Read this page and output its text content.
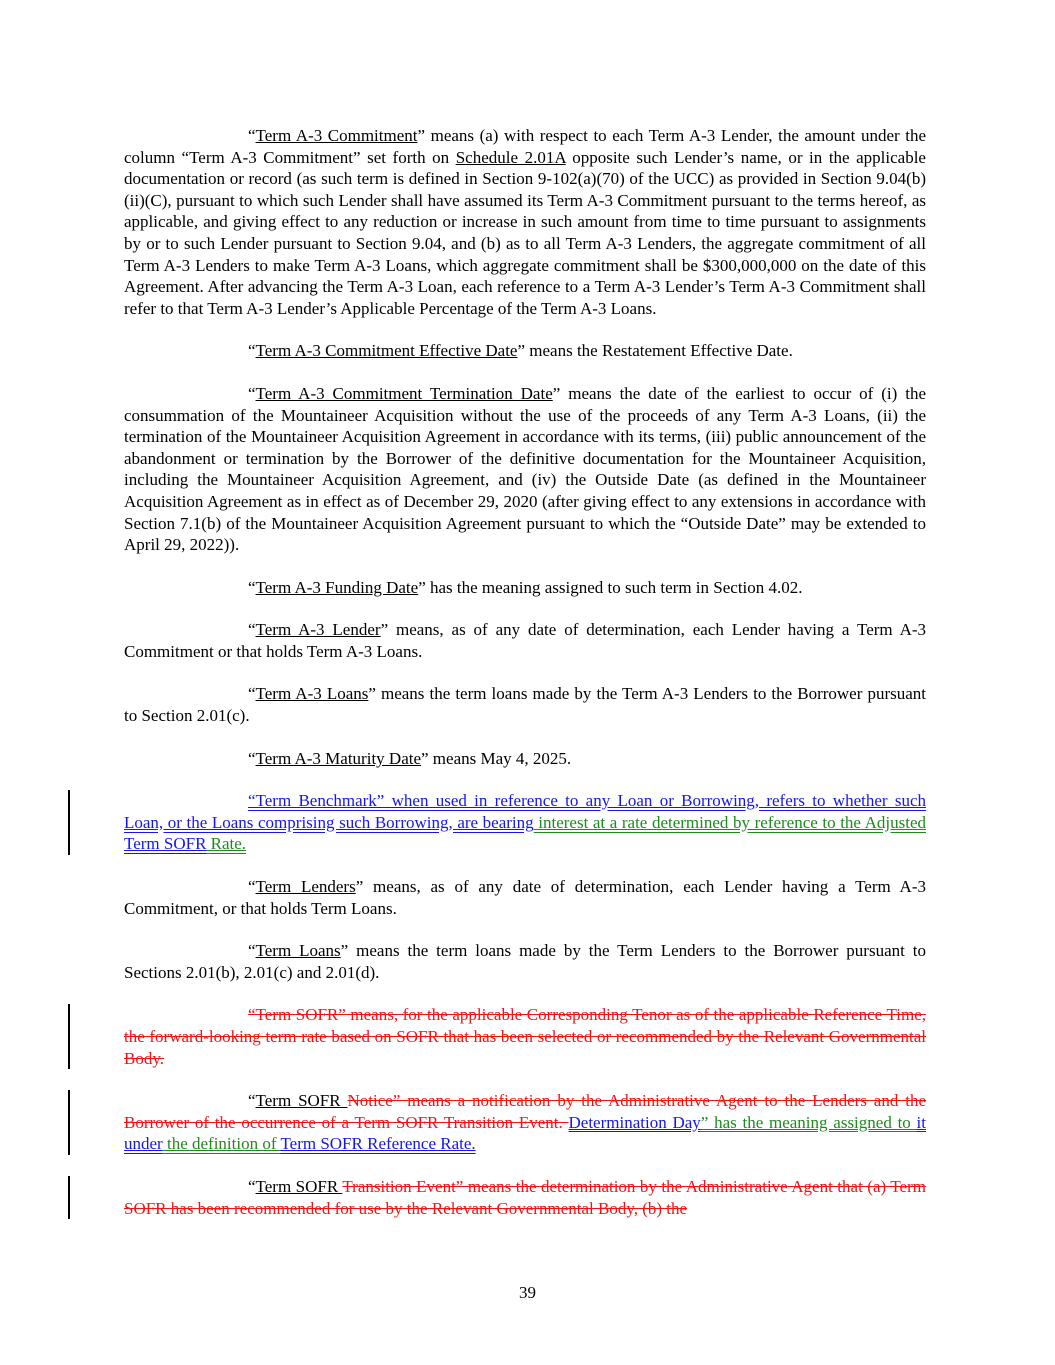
“Term A-3 Commitment” means (a) with respect to each Term A-3 Lender, the amount under the column “Term A-3 Commitment” set forth on Schedule 2.01A opposite such Lender’s name, or in the applicable documentation or record (as such term is defined in Section 9-102(a)(70) of the UCC) as provided in Section 9.04(b)(ii)(C), pursuant to which such Lender shall have assumed its Term A-3 Commitment pursuant to the terms hereof, as applicable, and giving effect to any reduction or increase in such amount from time to time pursuant to assignments by or to such Lender pursuant to Section 9.04, and (b) as to all Term A-3 Lenders, the aggregate commitment of all Term A-3 Lenders to make Term A-3 Loans, which aggregate commitment shall be $300,000,000 on the date of this Agreement. After advancing the Term A-3 Loan, each reference to a Term A-3 Lender’s Term A-3 Commitment shall refer to that Term A-3 Lender’s Applicable Percentage of the Term A-3 Loans.

“Term A-3 Commitment Effective Date” means the Restatement Effective Date.

“Term A-3 Commitment Termination Date” means the date of the earliest to occur of (i) the consummation of the Mountaineer Acquisition without the use of the proceeds of any Term A-3 Loans, (ii) the termination of the Mountaineer Acquisition Agreement in accordance with its terms, (iii) public announcement of the abandonment or termination by the Borrower of the definitive documentation for the Mountaineer Acquisition, including the Mountaineer Acquisition Agreement, and (iv) the Outside Date (as defined in the Mountaineer Acquisition Agreement as in effect as of December 29, 2020 (after giving effect to any extensions in accordance with Section 7.1(b) of the Mountaineer Acquisition Agreement pursuant to which the “Outside Date” may be extended to April 29, 2022)).

“Term A-3 Funding Date” has the meaning assigned to such term in Section 4.02.

“Term A-3 Lender” means, as of any date of determination, each Lender having a Term A-3 Commitment or that holds Term A-3 Loans.

“Term A-3 Loans” means the term loans made by the Term A-3 Lenders to the Borrower pursuant to Section 2.01(c).

“Term A-3 Maturity Date” means May 4, 2025.

“Term Benchmark” when used in reference to any Loan or Borrowing, refers to whether such Loan, or the Loans comprising such Borrowing, are bearing interest at a rate determined by reference to the Adjusted Term SOFR Rate.

“Term Lenders” means, as of any date of determination, each Lender having a Term A-3 Commitment, or that holds Term Loans.

“Term Loans” means the term loans made by the Term Lenders to the Borrower pursuant to Sections 2.01(b), 2.01(c) and 2.01(d).

“Term SOFR” means, for the applicable Corresponding Tenor as of the applicable Reference Time, the forward-looking term rate based on SOFR that has been selected or recommended by the Relevant Governmental Body.

“Term SOFR Notice” means a notification by the Administrative Agent to the Lenders and the Borrower of the occurrence of a Term SOFR Transition Event. Determination Day” has the meaning assigned to it under the definition of Term SOFR Reference Rate.

“Term SOFR Transition Event” means the determination by the Administrative Agent that (a) Term SOFR has been recommended for use by the Relevant Governmental Body, (b) the

39
